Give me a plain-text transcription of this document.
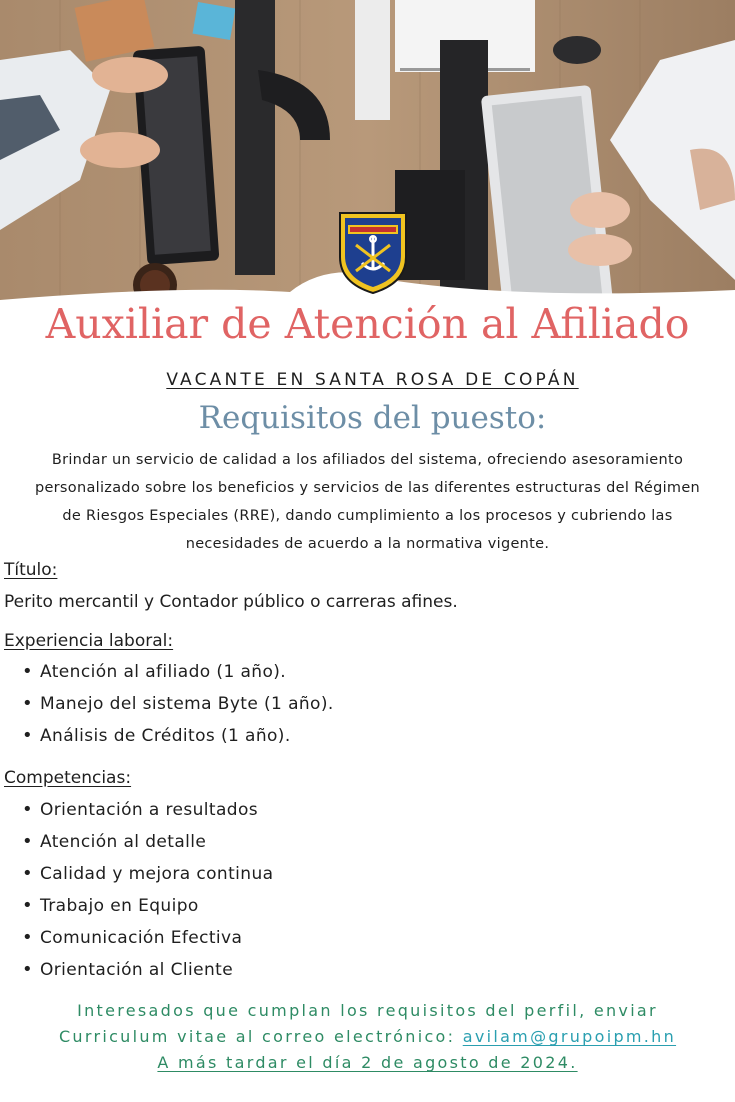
Auxiliar de Atención al Afiliado
VACANTE EN SANTA ROSA DE COPÁN
Requisitos del puesto:
Brindar un servicio de calidad a los afiliados del sistema, ofreciendo asesoramiento
personalizado sobre los beneficios y servicios de las diferentes estructuras del Régimen
de Riesgos Especiales (RRE), dando cumplimiento a los procesos y cubriendo las
necesidades de acuerdo a la normativa vigente.
Título:
Perito mercantil y Contador público o carreras afines.
Experiencia laboral:
• Atención al afiliado (1 año).
• Manejo del sistema Byte (1 año).
• Análisis de Créditos (1 año).
Competencias:
• Orientación a resultados
• Atención al detalle
• Calidad y mejora continua
• Trabajo en Equipo
• Comunicación Efectiva
• Orientación al Cliente
Interesados que cumplan los requisitos del perfil, enviar
Curriculum vitae al correo electrónico: avilam@grupoipm.hn
A más tardar el día 2 de agosto de 2024.
